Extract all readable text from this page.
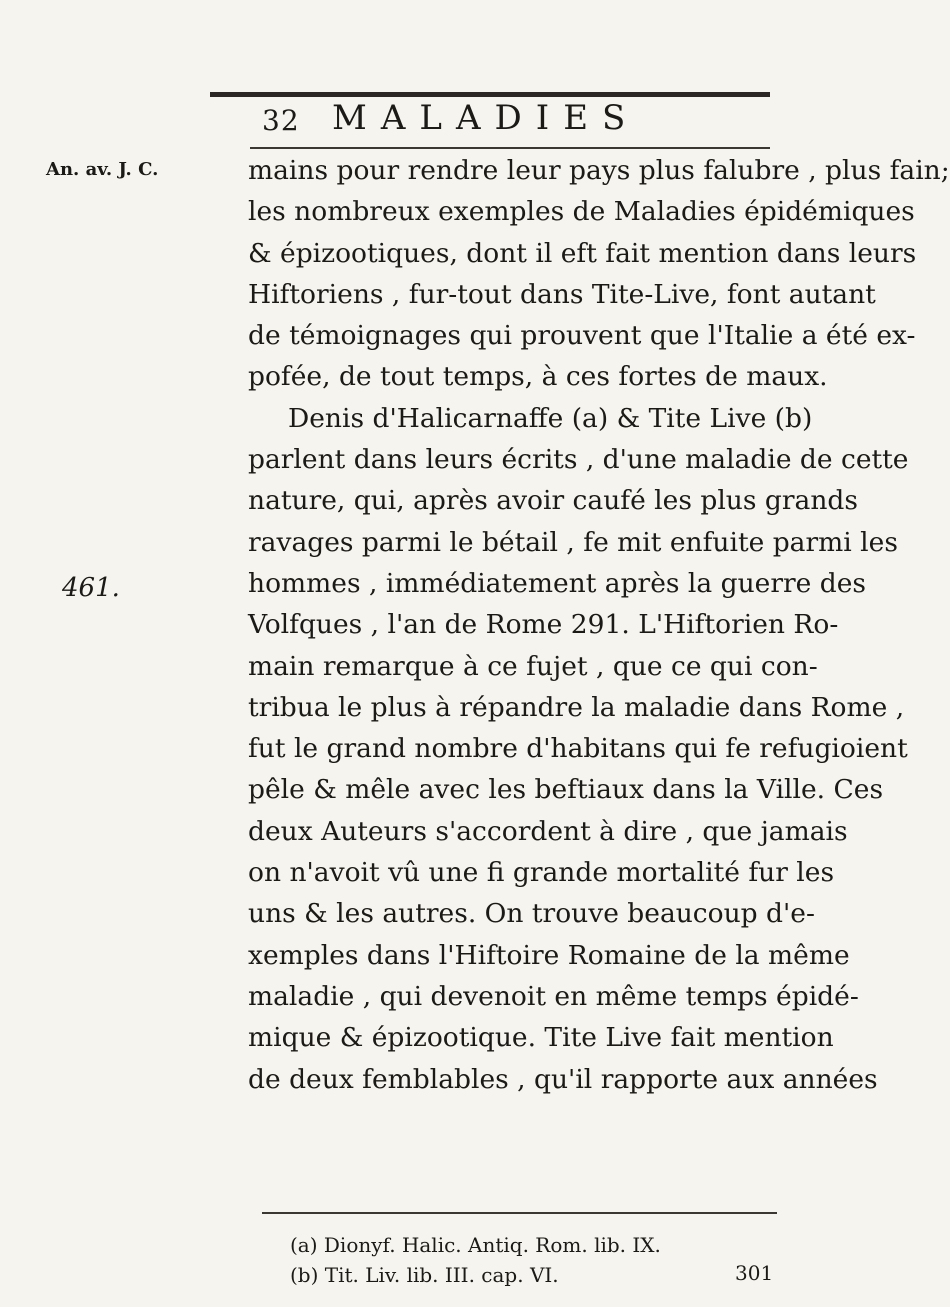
32 MALADIES
An. av. J. C.
461.
mains pour rendre leur pays plus falubre , plus fain;
les nombreux exemples de Maladies épidémiques
& épizootiques, dont il eft fait mention dans leurs
Hiftoriens , fur-tout dans Tite-Live, font autant
de témoignages qui prouvent que l'Italie a été ex-
pofée, de tout temps, à ces fortes de maux.
Denis d'Halicarnaffe (a) & Tite Live (b)
parlent dans leurs écrits , d'une maladie de cette
nature, qui, après avoir caufé les plus grands
ravages parmi le bétail , fe mit enfuite parmi les
hommes , immédiatement après la guerre des
Volfques , l'an de Rome 291. L'Hiftorien Ro-
main remarque à ce fujet , que ce qui con-
tribua le plus à répandre la maladie dans Rome ,
fut le grand nombre d'habitans qui fe refugioient
pêle & mêle avec les beftiaux dans la Ville. Ces
deux Auteurs s'accordent à dire , que jamais
on n'avoit vû une fi grande mortalité fur les
uns & les autres. On trouve beaucoup d'e-
xemples dans l'Hiftoire Romaine de la même
maladie , qui devenoit en même temps épidé-
mique & épizootique. Tite Live fait mention
de deux femblables , qu'il rapporte aux années
(a) Dionyf. Halic. Antiq. Rom. lib. IX.
(b) Tit. Liv. lib. III. cap. VI.	301
